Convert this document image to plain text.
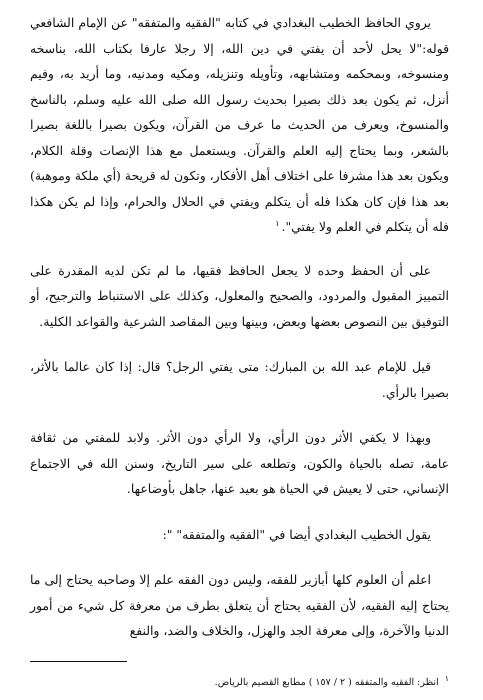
يروي الحافظ الخطيب البغدادي في كتابه "الفقيه والمتفقه" عن الإمام الشافعي قوله:"لا يحل لأحد أن يفتي في دين الله، إلا رجلا عارفا بكتاب الله، بناسخه ومنسوخه، وبمحكمه ومتشابهه، وتأويله وتنزيله، ومكيه ومدنيه، وما أريد به، وفيم أنزل، ثم يكون بعد ذلك بصيرا بحديث رسول الله صلى الله عليه وسلم، بالناسخ والمنسوخ، ويعرف من الحديث ما عرف من القرآن، ويكون بصيرا باللغة بصيرا بالشعر، وبما يحتاج إليه العلم والقرآن. ويستعمل مع هذا الإنصات وقلة الكلام، ويكون بعد هذا مشرفا على اختلاف أهل الأفكار، وتكون له قريحة (أي ملكة وموهبة) بعد هذا فإن كان هكذا فله أن يتكلم ويفتي في الحلال والحرام، وإذا لم يكن هكذا فله أن يتكلم في العلم ولا يفتي".$^١$

على أن الحفظ وحده لا يجعل الحافظ فقيها، ما لم تكن لديه المقدرة على التمييز المقبول والمردود، والصحيح والمعلول، وكذلك على الاستنباط والترجيح، أو التوفيق بين النصوص بعضها وبعض، وبينها وبين المقاصد الشرعية والقواعد الكلية.

قيل للإمام عبد الله بن المبارك: متى يفتي الرجل؟ قال: إذا كان عالما بالأثر، بصيرا بالرأي.

وبهذا لا يكفي الأثر دون الرأي، ولا الرأي دون الأثر. ولابد للمفتي من ثقافة عامة، تصله بالحياة والكون، وتطلعه على سير التاريخ، وسنن الله في الاجتماع الإنساني، حتى لا يعيش في الحياة هو بعيد عنها، جاهل بأوضاعها.

يقول الخطيب البغدادي أيضا في "الفقيه والمتفقه" ":

اعلم أن العلوم كلها أبازير للفقه، وليس دون الفقه علم إلا وصاحبه يحتاج إلى ما يحتاج إليه الفقيه، لأن الفقيه يحتاج أن يتعلق بطرف من معرفة كل شيء من أمور الدنيا والآخرة، وإلى معرفة الجد والهزل، والخلاف والضد، والنفع

$^١$انظر: الفقيه والمتفقه ( ٢ / ١٥٧ ) مطابع القصيم بالرياض.
